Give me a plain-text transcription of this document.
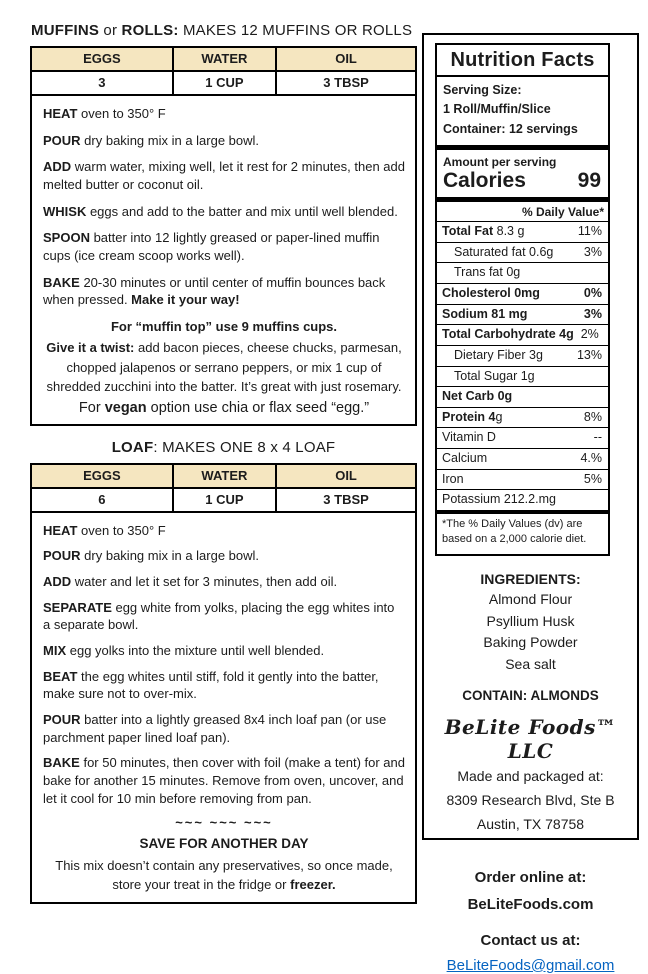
MUFFINS or ROLLS: MAKES 12 MUFFINS OR ROLLS
EGGS	WATER	OIL
3	1 CUP	3 TBSP

HEAT oven to 350° F

POUR dry baking mix in a large bowl.

ADD warm water, mixing well, let it rest for 2 minutes, then add melted butter or coconut oil.

WHISK eggs and add to the batter and mix until well blended.

SPOON batter into 12 lightly greased or paper-lined muffin cups (ice cream scoop works well).

BAKE 20-30 minutes or until center of muffin bounces back when pressed. Make it your way!

For “muffin top” use 9 muffins cups.

Give it a twist: add bacon pieces, cheese chucks, parmesan, chopped jalapenos or serrano peppers, or mix 1 cup of shredded zucchini into the batter. It’s great with just rosemary.

For vegan option use chia or flax seed “egg.”

LOAF: MAKES ONE 8 x 4 LOAF
EGGS	WATER	OIL
6	1 CUP	3 TBSP

HEAT oven to 350° F

POUR dry baking mix in a large bowl.

ADD water and let it set for 3 minutes, then add oil.

SEPARATE egg white from yolks, placing the egg whites into a separate bowl.

MIX egg yolks into the mixture until well blended.

BEAT the egg whites until stiff, fold it gently into the batter, make sure not to over-mix.

POUR batter into a lightly greased 8x4 inch loaf pan (or use parchment paper lined loaf pan).

BAKE for 50 minutes, then cover with foil (make a tent) for and bake for another 15 minutes. Remove from oven, uncover, and let it cool for 10 min before removing from pan.

~~~ ~~~ ~~~

SAVE FOR ANOTHER DAY

This mix doesn’t contain any preservatives, so once made, store your treat in the fridge or freezer.

Nutrition Facts
Serving Size:
1 Roll/Muffin/Slice
Container: 12 servings
Amount per serving
Calories 99
% Daily Value*
Total Fat 8.3 g	11%
Saturated fat 0.6g 3%
Trans fat 0g
Cholesterol 0mg	0%
Sodium 81 mg	3%
Total Carbohydrate 4g 2%
Dietary Fiber 3g	13%
Total Sugar 1g
Net Carb 0g
Protein 4g	8%
Vitamin D	--
Calcium	4.%
Iron	5%
Potassium 212.2.mg
*The % Daily Values (dv) are based on a 2,000 calorie diet.
INGREDIENTS:
Almond Flour
Psyllium Husk
Baking Powder
Sea salt
CONTAIN: ALMONDS
BeLite Foods™ LLC
Made and packaged at:
8309 Research Blvd, Ste B
Austin, TX 78758
Order online at:
BeLiteFoods.com
Contact us at:
BeLiteFoods@gmail.com
